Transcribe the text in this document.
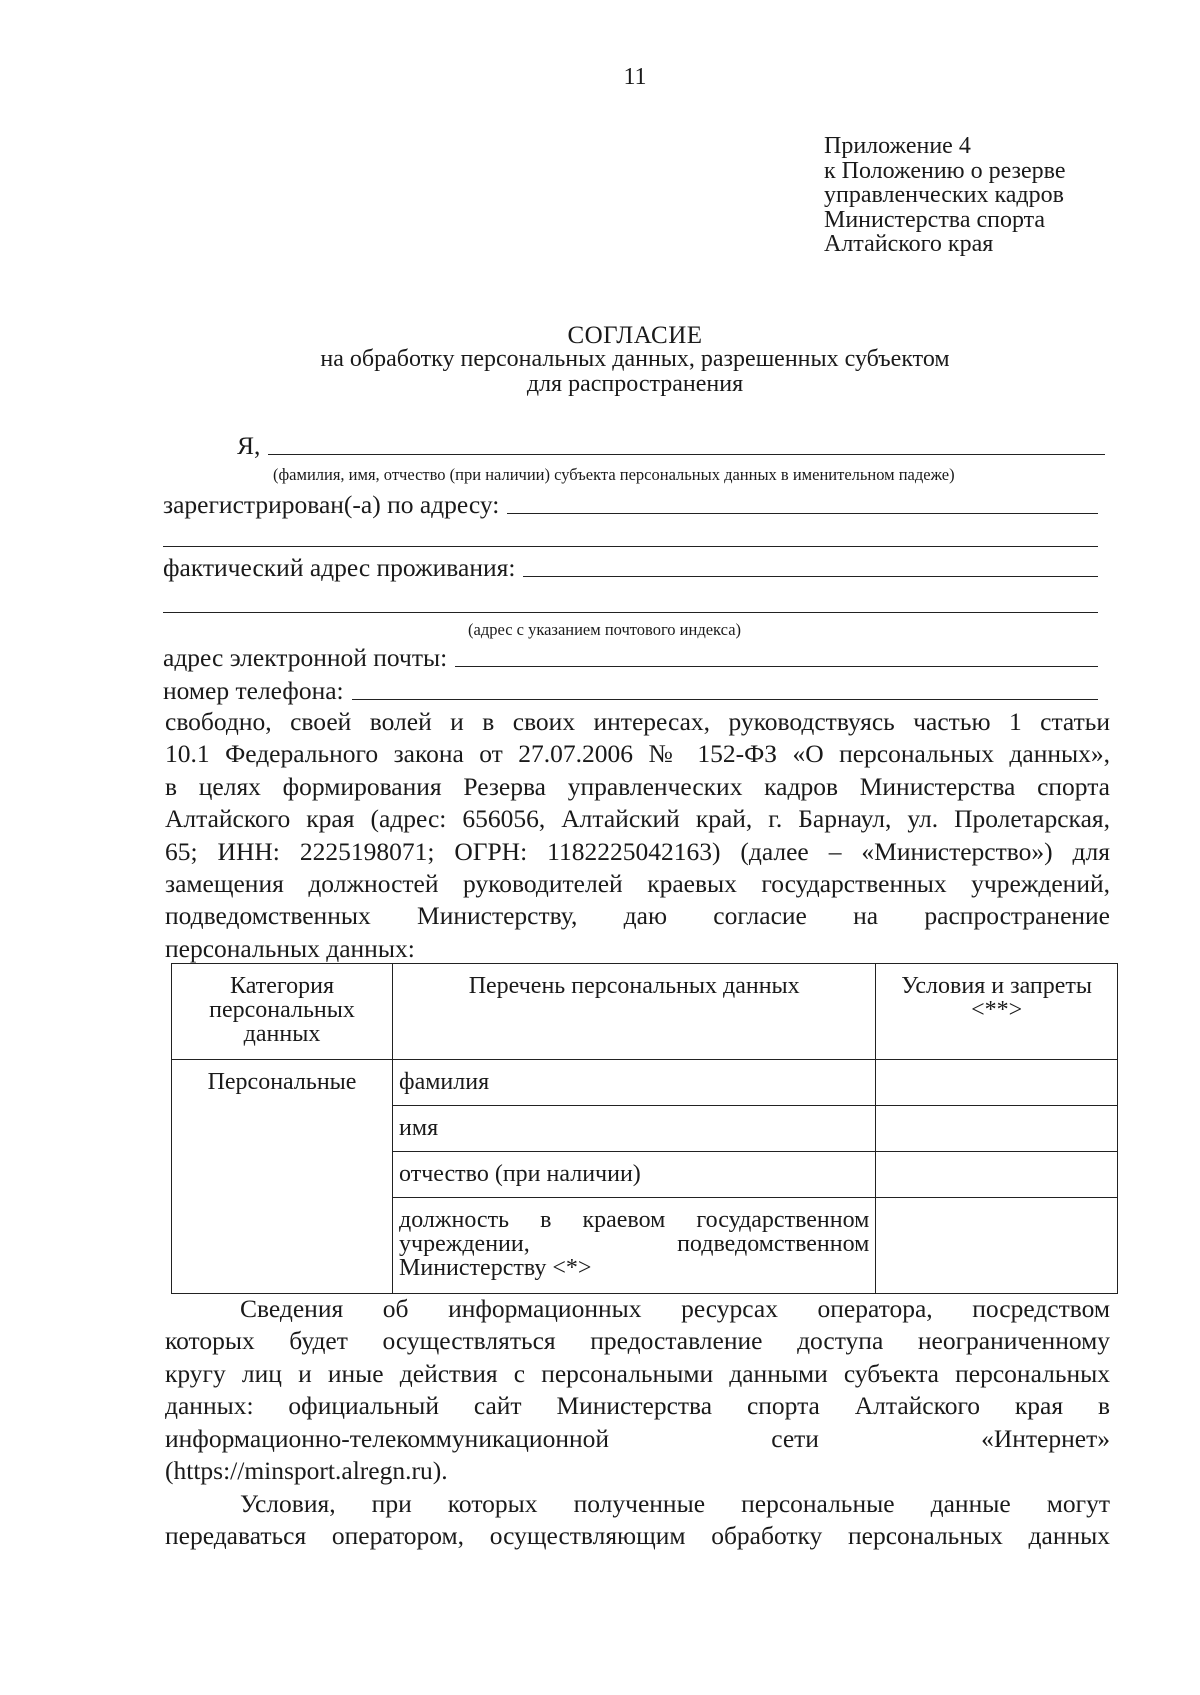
11
Приложение 4
к Положению о резерве
управленческих кадров
Министерства спорта
Алтайского края
СОГЛАСИЕ
на обработку персональных данных, разрешенных субъектом
для распространения
Я,
(фамилия, имя, отчество (при наличии) субъекта персональных данных в именительном падеже)
зарегистрирован(-а) по адресу:
фактический адрес проживания:
(адрес с указанием почтового индекса)
адрес электронной почты:
номер телефона:
свободно, своей волей и в своих интересах, руководствуясь частью 1 статьи
10.1 Федерального закона от 27.07.2006 № 152-ФЗ «О персональных данных»,
в целях формирования Резерва управленческих кадров Министерства спорта
Алтайского края (адрес: 656056, Алтайский край, г. Барнаул, ул. Пролетарская,
65; ИНН: 2225198071; ОГРН: 1182225042163) (далее – «Министерство») для
замещения должностей руководителей краевых государственных учреждений,
подведомственных Министерству, даю согласие на распространение
персональных данных:
Категория персональных данных	Перечень персональных данных	Условия и запреты <**>
Персональные	фамилия	
	имя	
	отчество (при наличии)	
	должность в краевом государственном учреждении, подведомственном Министерству <*>	
Сведения об информационных ресурсах оператора, посредством
которых будет осуществляться предоставление доступа неограниченному
кругу лиц и иные действия с персональными данными субъекта персональных
данных: официальный сайт Министерства спорта Алтайского края в
информационно-телекоммуникационной сети «Интернет»
(https://minsport.alregn.ru).
Условия, при которых полученные персональные данные могут
передаваться оператором, осуществляющим обработку персональных данных
